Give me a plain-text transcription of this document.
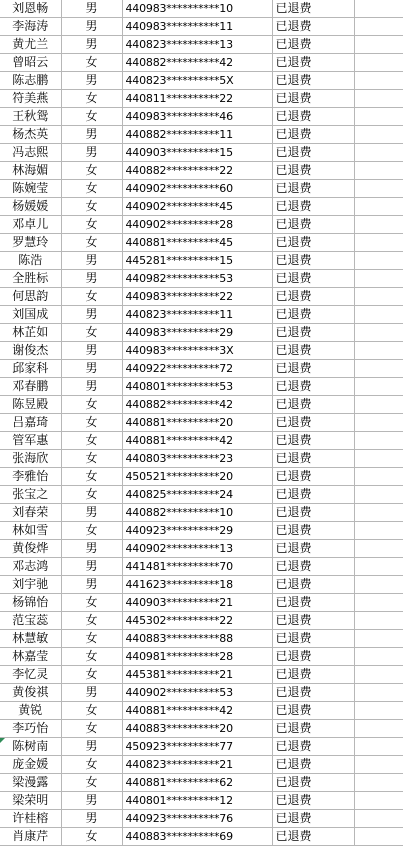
刘恩畅	男	440983**********10	已退费	
李海涛	男	440983**********11	已退费	
黄尤兰	男	440823**********13	已退费	
曾昭云	女	440882**********42	已退费	
陈志鹏	男	440823**********5X	已退费	
符美燕	女	440811**********22	已退费	
王秋鸳	女	440983**********46	已退费	
杨杰英	男	440882**********11	已退费	
冯志熙	男	440903**********15	已退费	
林海媚	女	440882**********22	已退费	
陈婉莹	女	440902**********60	已退费	
杨媛媛	女	440902**********45	已退费	
邓卓儿	女	440902**********28	已退费	
罗慧玲	女	440881**********45	已退费	
陈浩	男	445281**********15	已退费	
全胜标	男	440982**********53	已退费	
何思韵	女	440983**********22	已退费	
刘国成	男	440823**********11	已退费	
林芷如	女	440983**********29	已退费	
谢俊杰	男	440983**********3X	已退费	
邱家科	男	440922**********72	已退费	
邓春鹏	男	440801**********53	已退费	
陈昱殿	女	440882**********42	已退费	
吕嘉琦	女	440881**********20	已退费	
管军惠	女	440881**********42	已退费	
张海欣	女	440803**********23	已退费	
李雅怡	女	450521**********20	已退费	
张宝之	女	440825**********24	已退费	
刘春荣	男	440882**********10	已退费	
林如雪	女	440923**********29	已退费	
黄俊烨	男	440902**********13	已退费	
邓志鸿	男	441481**********70	已退费	
刘宇驰	男	441623**********18	已退费	
杨锦怡	女	440903**********21	已退费	
范宝蕊	女	445302**********22	已退费	
林慧敏	女	440883**********88	已退费	
林嘉莹	女	440981**********28	已退费	
李忆灵	女	445381**********21	已退费	
黄俊祺	男	440902**********53	已退费	
黄锐	女	440881**********42	已退费	
李巧怡	女	440883**********20	已退费	
陈树南	男	450923**********77	已退费	
庞金媛	女	440823**********21	已退费	
梁漫露	女	440881**********62	已退费	
梁荣明	男	440801**********12	已退费	
许桂榕	男	440923**********76	已退费	
肖康芹	女	440883**********69	已退费	
